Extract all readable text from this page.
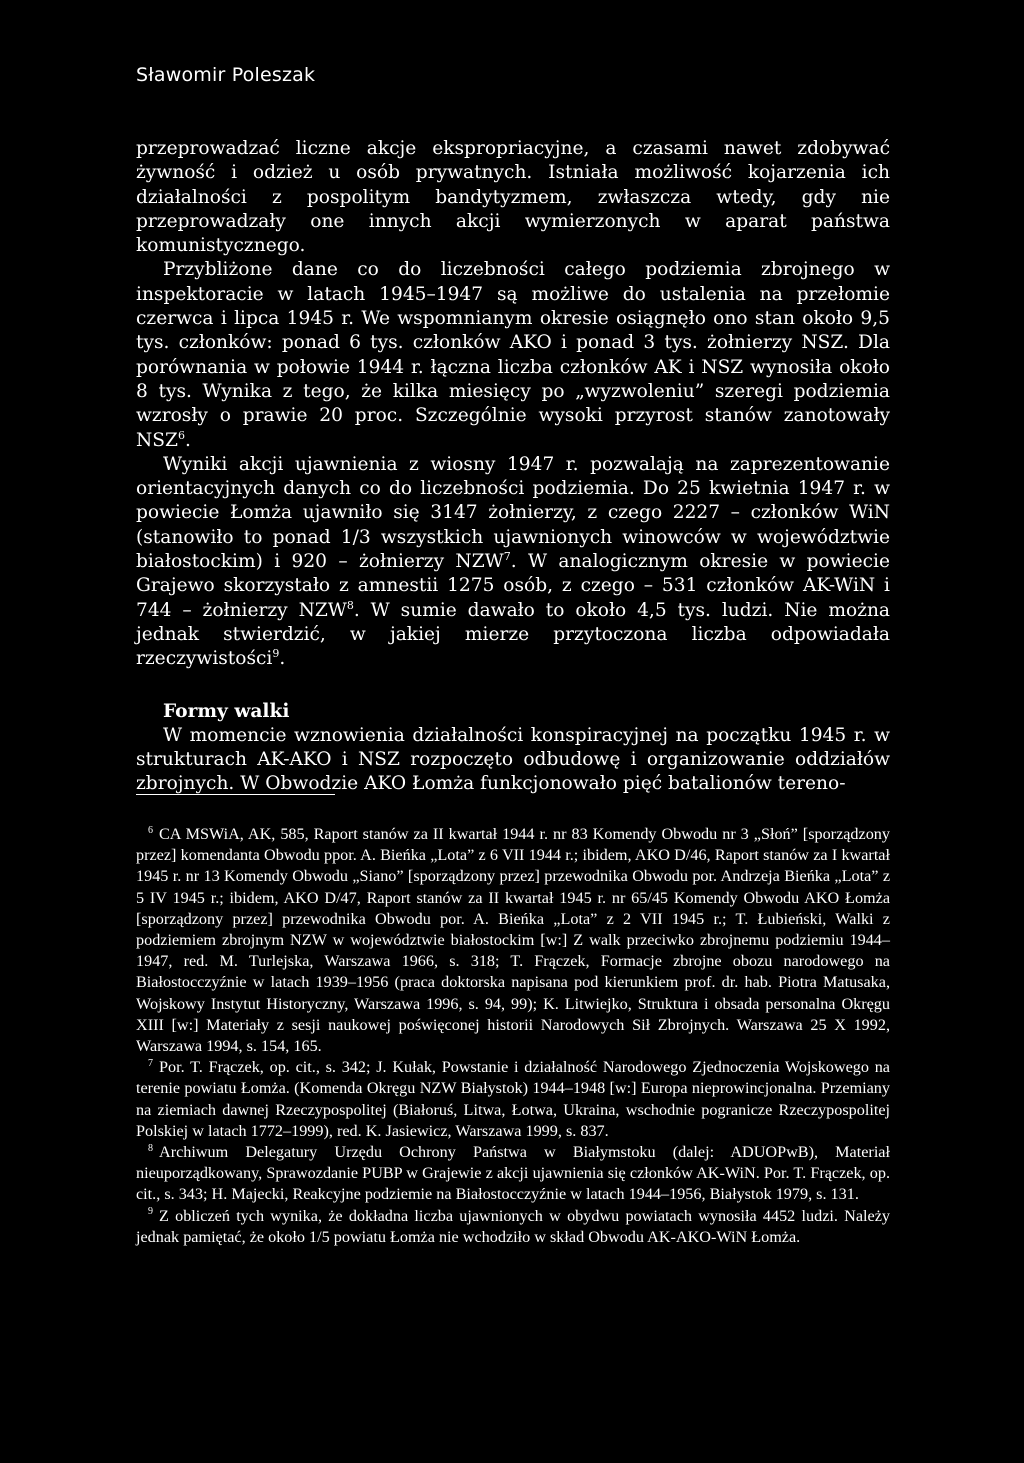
Sławomir Poleszak

przeprowadzać liczne akcje ekspropriacyjne, a czasami nawet zdobywać żywność i odzież u osób prywatnych. Istniała możliwość kojarzenia ich działalności z pospolitym bandytyzmem, zwłaszcza wtedy, gdy nie przeprowadzały one innych akcji wymierzonych w aparat państwa komunistycznego.

Przybliżone dane co do liczebności całego podziemia zbrojnego w inspektoracie w latach 1945–1947 są możliwe do ustalenia na przełomie czerwca i lipca 1945 r. We wspomnianym okresie osiągnęło ono stan około 9,5 tys. członków: ponad 6 tys. członków AKO i ponad 3 tys. żołnierzy NSZ. Dla porównania w połowie 1944 r. łączna liczba członków AK i NSZ wynosiła około 8 tys. Wynika z tego, że kilka miesięcy po „wyzwoleniu” szeregi podziemia wzrosły o prawie 20 proc. Szczególnie wysoki przyrost stanów zanotowały NSZ$^6$.

Wyniki akcji ujawnienia z wiosny 1947 r. pozwalają na zaprezentowanie orientacyjnych danych co do liczebności podziemia. Do 25 kwietnia 1947 r. w powiecie Łomża ujawniło się 3147 żołnierzy, z czego 2227 – członków WiN (stanowiło to ponad 1/3 wszystkich ujawnionych winowców w województwie białostockim) i 920 – żołnierzy NZW$^7$. W analogicznym okresie w powiecie Grajewo skorzystało z amnestii 1275 osób, z czego – 531 członków AK-WiN i 744 – żołnierzy NZW$^8$. W sumie dawało to około 4,5 tys. ludzi. Nie można jednak stwierdzić, w jakiej mierze przytoczona liczba odpowiadała rzeczywistości$^9$.

Formy walki

W momencie wznowienia działalności konspiracyjnej na początku 1945 r. w strukturach AK-AKO i NSZ rozpoczęto odbudowę i organizowanie oddziałów zbrojnych. W Obwodzie AKO Łomża funkcjonowało pięć batalionów tereno-

$^6$ CA MSWiA, AK, 585, Raport stanów za II kwartał 1944 r. nr 83 Komendy Obwodu nr 3 „Słoń” [sporządzony przez] komendanta Obwodu ppor. A. Bieńka „Lota” z 6 VII 1944 r.; ibidem, AKO D/46, Raport stanów za I kwartał 1945 r. nr 13 Komendy Obwodu „Siano” [sporządzony przez] przewodnika Obwodu por. Andrzeja Bieńka „Lota” z 5 IV 1945 r.; ibidem, AKO D/47, Raport stanów za II kwartał 1945 r. nr 65/45 Komendy Obwodu AKO Łomża [sporządzony przez] przewodnika Obwodu por. A. Bieńka „Lota” z 2 VII 1945 r.; T. Łubieński, Walki z podziemiem zbrojnym NZW w województwie białostockim [w:] Z walk przeciwko zbrojnemu podziemiu 1944–1947, red. M. Turlejska, Warszawa 1966, s. 318; T. Frączek, Formacje zbrojne obozu narodowego na Białostocczyźnie w latach 1939–1956 (praca doktorska napisana pod kierunkiem prof. dr. hab. Piotra Matusaka, Wojskowy Instytut Historyczny, Warszawa 1996, s. 94, 99); K. Litwiejko, Struktura i obsada personalna Okręgu XIII [w:] Materiały z sesji naukowej poświęconej historii Narodowych Sił Zbrojnych. Warszawa 25 X 1992, Warszawa 1994, s. 154, 165.

$^7$ Por. T. Frączek, op. cit., s. 342; J. Kułak, Powstanie i działalność Narodowego Zjednoczenia Wojskowego na terenie powiatu Łomża. (Komenda Okręgu NZW Białystok) 1944–1948 [w:] Europa nieprowincjonalna. Przemiany na ziemiach dawnej Rzeczypospolitej (Białoruś, Litwa, Łotwa, Ukraina, wschodnie pogranicze Rzeczypospolitej Polskiej w latach 1772–1999), red. K. Jasiewicz, Warszawa 1999, s. 837.

$^8$ Archiwum Delegatury Urzędu Ochrony Państwa w Białymstoku (dalej: ADUOPwB), Materiał nieuporządkowany, Sprawozdanie PUBP w Grajewie z akcji ujawnienia się członków AK-WiN. Por. T. Frączek, op. cit., s. 343; H. Majecki, Reakcyjne podziemie na Białostocczyźnie w latach 1944–1956, Białystok 1979, s. 131.

$^9$ Z obliczeń tych wynika, że dokładna liczba ujawnionych w obydwu powiatach wynosiła 4452 ludzi. Należy jednak pamiętać, że około 1/5 powiatu Łomża nie wchodziło w skład Obwodu AK-AKO-WiN Łomża.
